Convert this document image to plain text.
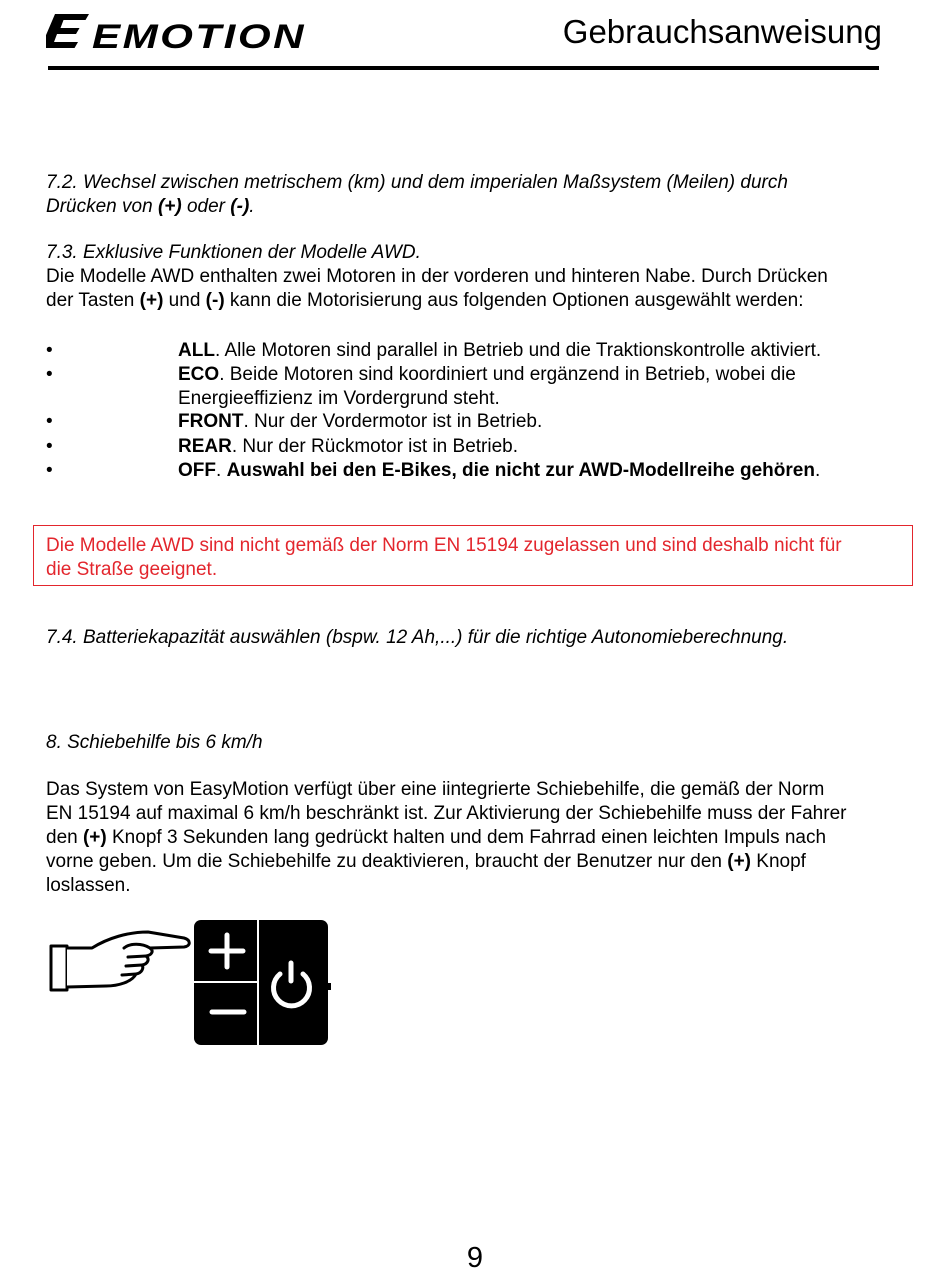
EASY
EMOTION	Gebrauchsanweisung
7.2. Wechsel zwischen metrischem (km) und dem imperialen Maßsystem (Meilen) durch
Drücken von (+) oder (-).
7.3. Exklusive Funktionen der Modelle AWD.
Die Modelle AWD enthalten zwei Motoren in der vorderen und hinteren Nabe. Durch Drücken
der Tasten (+) und (-) kann die Motorisierung aus folgenden Optionen ausgewählt werden:
•	ALL. Alle Motoren sind parallel in Betrieb und die Traktionskontrolle aktiviert.
•	ECO. Beide Motoren sind koordiniert und ergänzend in Betrieb, wobei die
Energieeffizienz im Vordergrund steht.
•	FRONT. Nur der Vordermotor ist in Betrieb.
•	REAR. Nur der Rückmotor ist in Betrieb.
•	OFF. Auswahl bei den E-Bikes, die nicht zur AWD-Modellreihe gehören.
Die Modelle AWD sind nicht gemäß der Norm EN 15194 zugelassen und sind deshalb nicht für
die Straße geeignet.
7.4. Batteriekapazität auswählen (bspw. 12 Ah,...) für die richtige Autonomieberechnung.
8. Schiebehilfe bis 6 km/h
Das System von EasyMotion verfügt über eine iintegrierte Schiebehilfe, die gemäß der Norm
EN 15194 auf maximal 6 km/h beschränkt ist. Zur Aktivierung der Schiebehilfe muss der Fahrer
den (+) Knopf 3 Sekunden lang gedrückt halten und dem Fahrrad einen leichten Impuls nach
vorne geben. Um die Schiebehilfe zu deaktivieren, braucht der Benutzer nur den (+) Knopf
loslassen.
9
